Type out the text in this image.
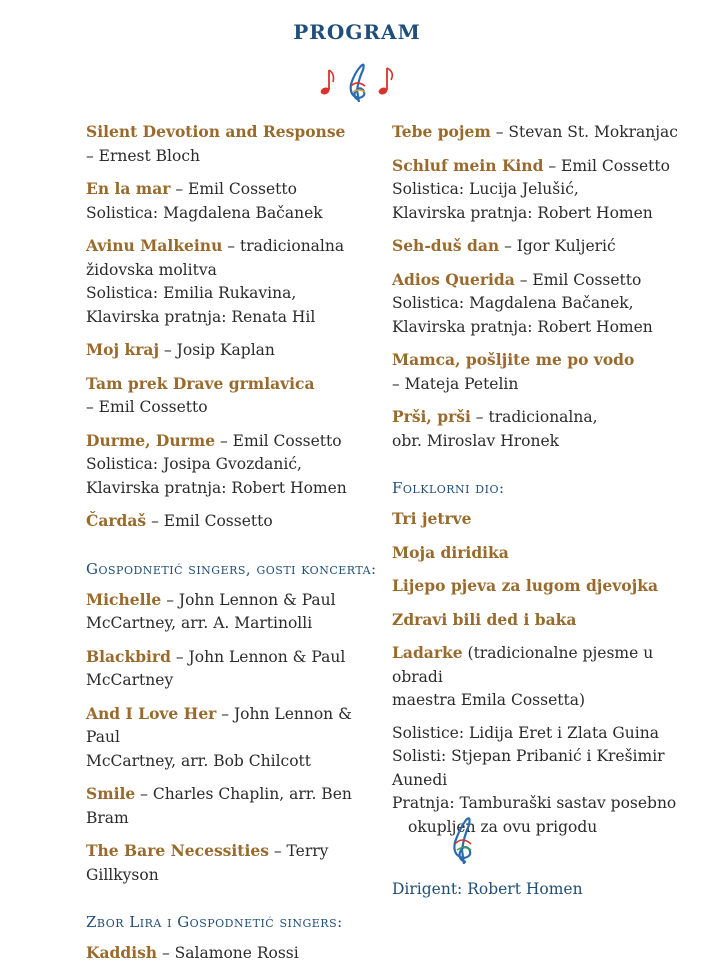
PROGRAM
Silent Devotion and Response
– Ernest Bloch
En la mar – Emil Cossetto
Solistica: Magdalena Bačanek
Avinu Malkeinu – tradicionalna
židovska molitva
Solistica: Emilia Rukavina,
Klavirska pratnja: Renata Hil
Moj kraj – Josip Kaplan
Tam prek Drave grmlavica
– Emil Cossetto
Durme, Durme – Emil Cossetto
Solistica: Josipa Gvozdanić,
Klavirska pratnja: Robert Homen
Čardaš – Emil Cossetto
Gospodnetić singers, gosti koncerta:
Michelle – John Lennon & Paul
McCartney, arr. A. Martinolli
Blackbird – John Lennon & Paul
McCartney
And I Love Her – John Lennon & Paul
McCartney, arr. Bob Chilcott
Smile – Charles Chaplin, arr. Ben Bram
The Bare Necessities – Terry Gillkyson
Zbor Lira i Gospodnetić singers:
Kaddish – Salamone Rossi
Tebe pojem – Stevan St. Mokranjac
Schluf mein Kind – Emil Cossetto
Solistica: Lucija Jelušić,
Klavirska pratnja: Robert Homen
Seh-duš dan – Igor Kuljerić
Adios Querida – Emil Cossetto
Solistica: Magdalena Bačanek,
Klavirska pratnja: Robert Homen
Mamca, pošljite me po vodo
– Mateja Petelin
Prši, prši – tradicionalna,
obr. Miroslav Hronek
Folklorni dio:
Tri jetrve
Moja diridika
Lijepo pjeva za lugom djevojka
Zdravi bili ded i baka
Ladarke (tradicionalne pjesme u obradi
maestra Emila Cossetta)
Solistice: Lidija Eret i Zlata Guina
Solisti: Stjepan Pribanić i Krešimir Aunedi
Pratnja: Tamburaški sastav posebno
okupljen za ovu prigodu
Dirigent: Robert Homen
